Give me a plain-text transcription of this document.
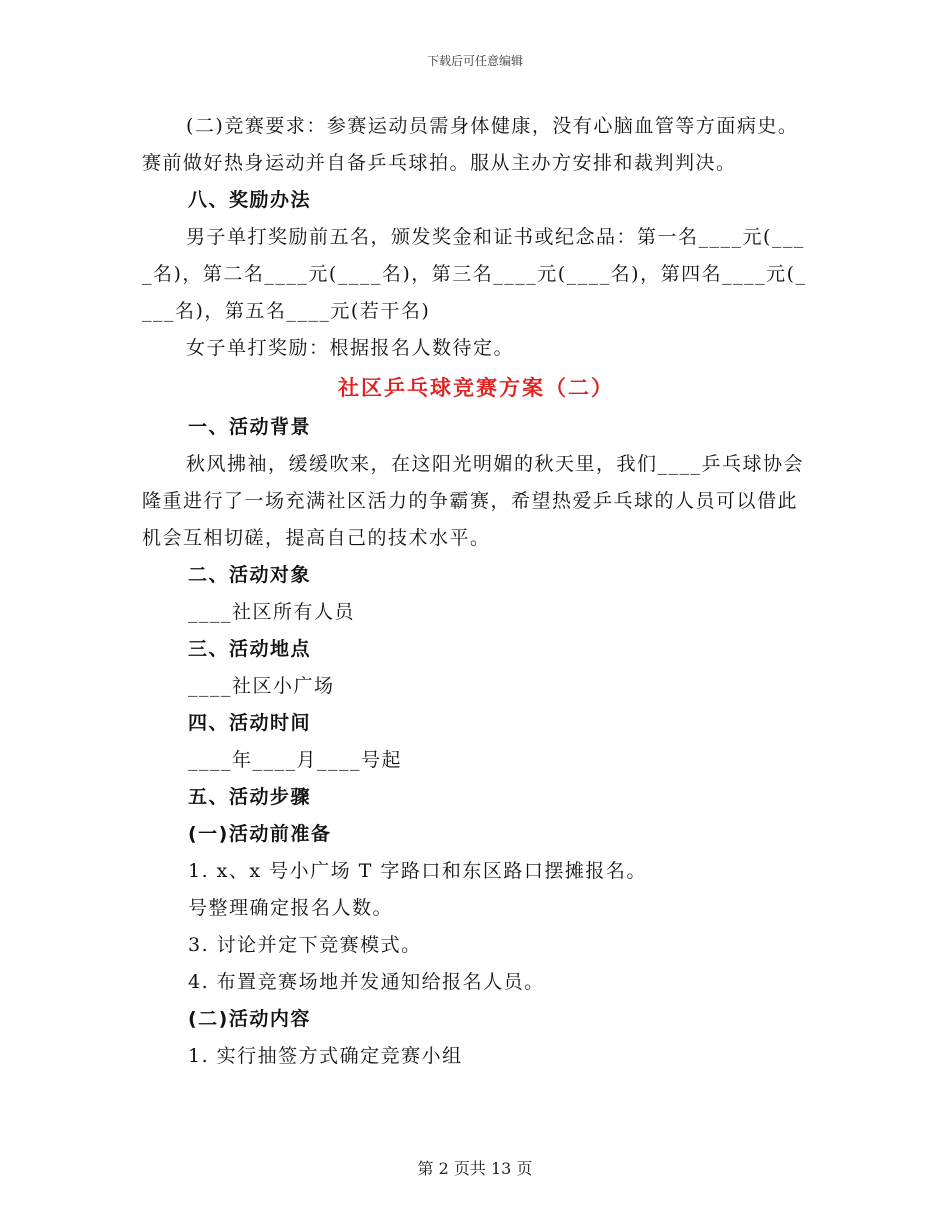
下载后可任意编辑

(二)竞赛要求：参赛运动员需身体健康，没有心脑血管等方面病史。赛前做好热身运动并自备乒乓球拍。服从主办方安排和裁判判决。

八、奖励办法

男子单打奖励前五名，颁发奖金和证书或纪念品：第一名____元(____名)，第二名____元(____名)，第三名____元(____名)，第四名____元(____名)，第五名____元(若干名)

女子单打奖励：根据报名人数待定。

社区乒乓球竞赛方案（二）

一、活动背景

秋风拂袖，缓缓吹来，在这阳光明媚的秋天里，我们____乒乓球协会隆重进行了一场充满社区活力的争霸赛，希望热爱乒乓球的人员可以借此机会互相切磋，提高自己的技术水平。

二、活动对象

____社区所有人员

三、活动地点

____社区小广场

四、活动时间

____年____月____号起

五、活动步骤

(一)活动前准备

1. x、x 号小广场 T 字路口和东区路口摆摊报名。

号整理确定报名人数。

3. 讨论并定下竞赛模式。

4. 布置竞赛场地并发通知给报名人员。

(二)活动内容

1. 实行抽签方式确定竞赛小组

第 2 页共 13 页
